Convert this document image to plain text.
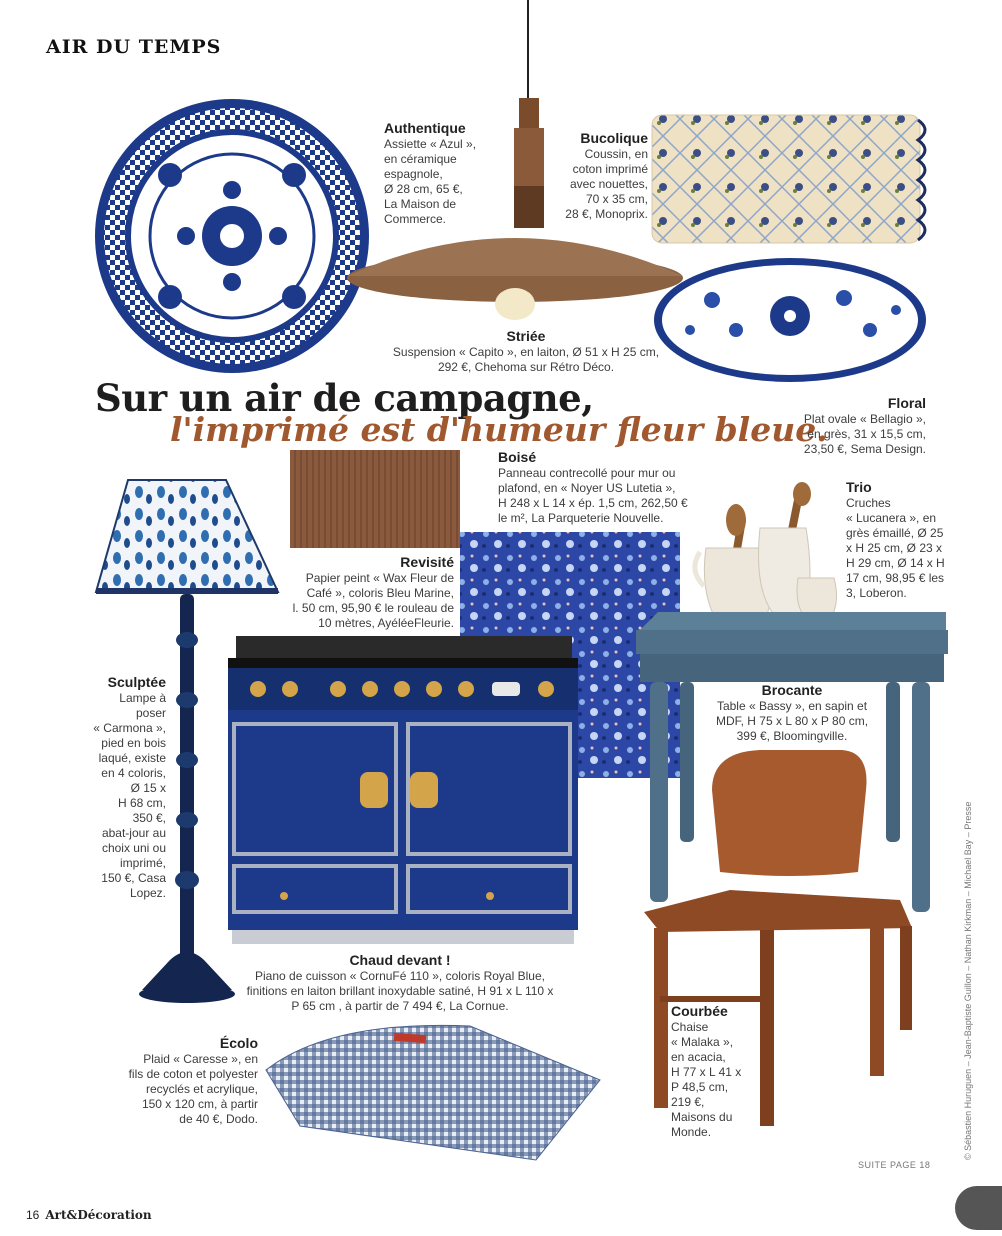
AIR DU TEMPS
Sur un air de campagne,
l'imprimé est d'humeur fleur bleue.
Authentique
Assiette « Azul »,
en céramique
espagnole,
Ø 28 cm, 65 €,
La Maison de
Commerce.
Bucolique
Coussin, en
coton imprimé
avec nouettes,
70 x 35 cm,
28 €, Monoprix.
Striée
Suspension « Capito », en laiton, Ø 51 x H 25 cm,
292 €, Chehoma sur Rétro Déco.
Floral
Plat ovale « Bellagio »,
en grès, 31 x 15,5 cm,
23,50 €, Sema Design.
Boisé
Panneau contrecollé pour mur ou
plafond, en « Noyer US Lutetia »,
H 248 x L 14 x ép. 1,5 cm, 262,50 €
le m², La Parqueterie Nouvelle.
Trio
Cruches
« Lucanera », en
grès émaillé, Ø 25
x H 25 cm, Ø 23 x
H 29 cm, Ø 14 x H
17 cm, 98,95 € les
3, Loberon.
Revisité
Papier peint « Wax Fleur de
Café », coloris Bleu Marine,
l. 50 cm, 95,90 € le rouleau de
10 mètres, AyéléeFleurie.
Sculptée
Lampe à
poser
« Carmona »,
pied en bois
laqué, existe
en 4 coloris,
Ø 15 x
H 68 cm,
350 €,
abat-jour au
choix uni ou
imprimé,
150 €, Casa
Lopez.
Brocante
Table « Bassy », en sapin et
MDF, H 75 x L 80 x P 80 cm,
399 €, Bloomingville.
Chaud devant !
Piano de cuisson « CornuFé 110 », coloris Royal Blue,
finitions en laiton brillant inoxydable satiné, H 91 x L 110 x
P 65 cm , à partir de 7 494 €, La Cornue.
Écolo
Plaid « Caresse », en
fils de coton et polyester
recyclés et acrylique,
150 x 120 cm, à partir
de 40 €, Dodo.
Courbée
Chaise
« Malaka »,
en acacia,
H 77 x L 41 x
P 48,5 cm,
219 €,
Maisons du
Monde.	© Sébastien Huruguen – Jean-Baptiste Guillon – Nathan Kirkman – Michael Bay – Presse
SUITE PAGE 18
16 Art&Décoration
